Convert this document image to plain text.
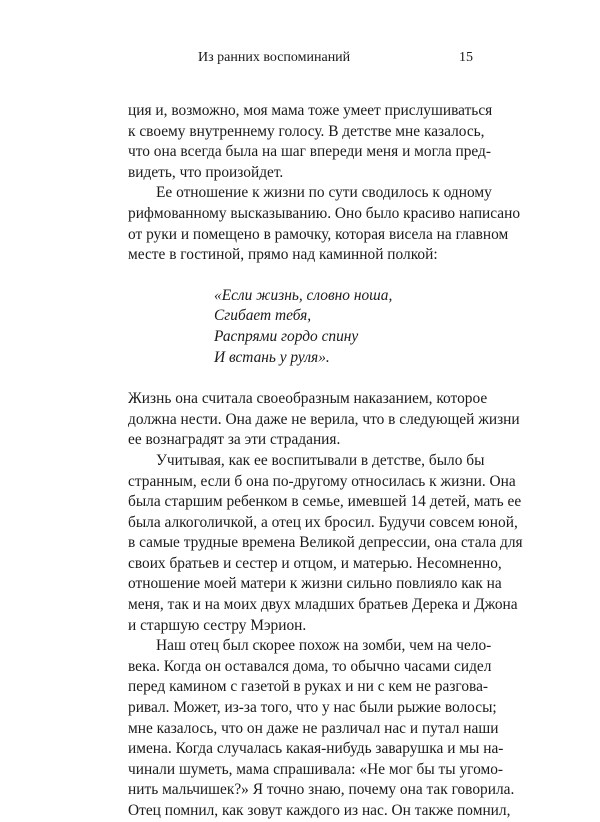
Из ранних воспоминаний	15
ция и, возможно, моя мама тоже умеет прислушиваться
к своему внутреннему голосу. В детстве мне казалось,
что она всегда была на шаг впереди меня и могла пред-
видеть, что произойдет.
Ее отношение к жизни по сути сводилось к одному
рифмованному высказыванию. Оно было красиво написано
от руки и помещено в рамочку, которая висела на главном
месте в гостиной, прямо над каминной полкой:
«Если жизнь, словно ноша,
Сгибает тебя,
Распрями гордо спину
И встань у руля».
Жизнь она считала своеобразным наказанием, которое
должна нести. Она даже не верила, что в следующей жизни
ее вознаградят за эти страдания.
Учитывая, как ее воспитывали в детстве, было бы
странным, если б она по-другому относилась к жизни. Она
была старшим ребенком в семье, имевшей 14 детей, мать ее
была алкоголичкой, а отец их бросил. Будучи совсем юной,
в самые трудные времена Великой депрессии, она стала для
своих братьев и сестер и отцом, и матерью. Несомненно,
отношение моей матери к жизни сильно повлияло как на
меня, так и на моих двух младших братьев Дерека и Джона
и старшую сестру Мэрион.
Наш отец был скорее похож на зомби, чем на чело-
века. Когда он оставался дома, то обычно часами сидел
перед камином с газетой в руках и ни с кем не разгова-
ривал. Может, из-за того, что у нас были рыжие волосы;
мне казалось, что он даже не различал нас и путал наши
имена. Когда случалась какая-нибудь заварушка и мы на-
чинали шуметь, мама спрашивала: «Не мог бы ты угомо-
нить мальчишек?» Я точно знаю, почему она так говорила.
Отец помнил, как зовут каждого из нас. Он также помнил,
